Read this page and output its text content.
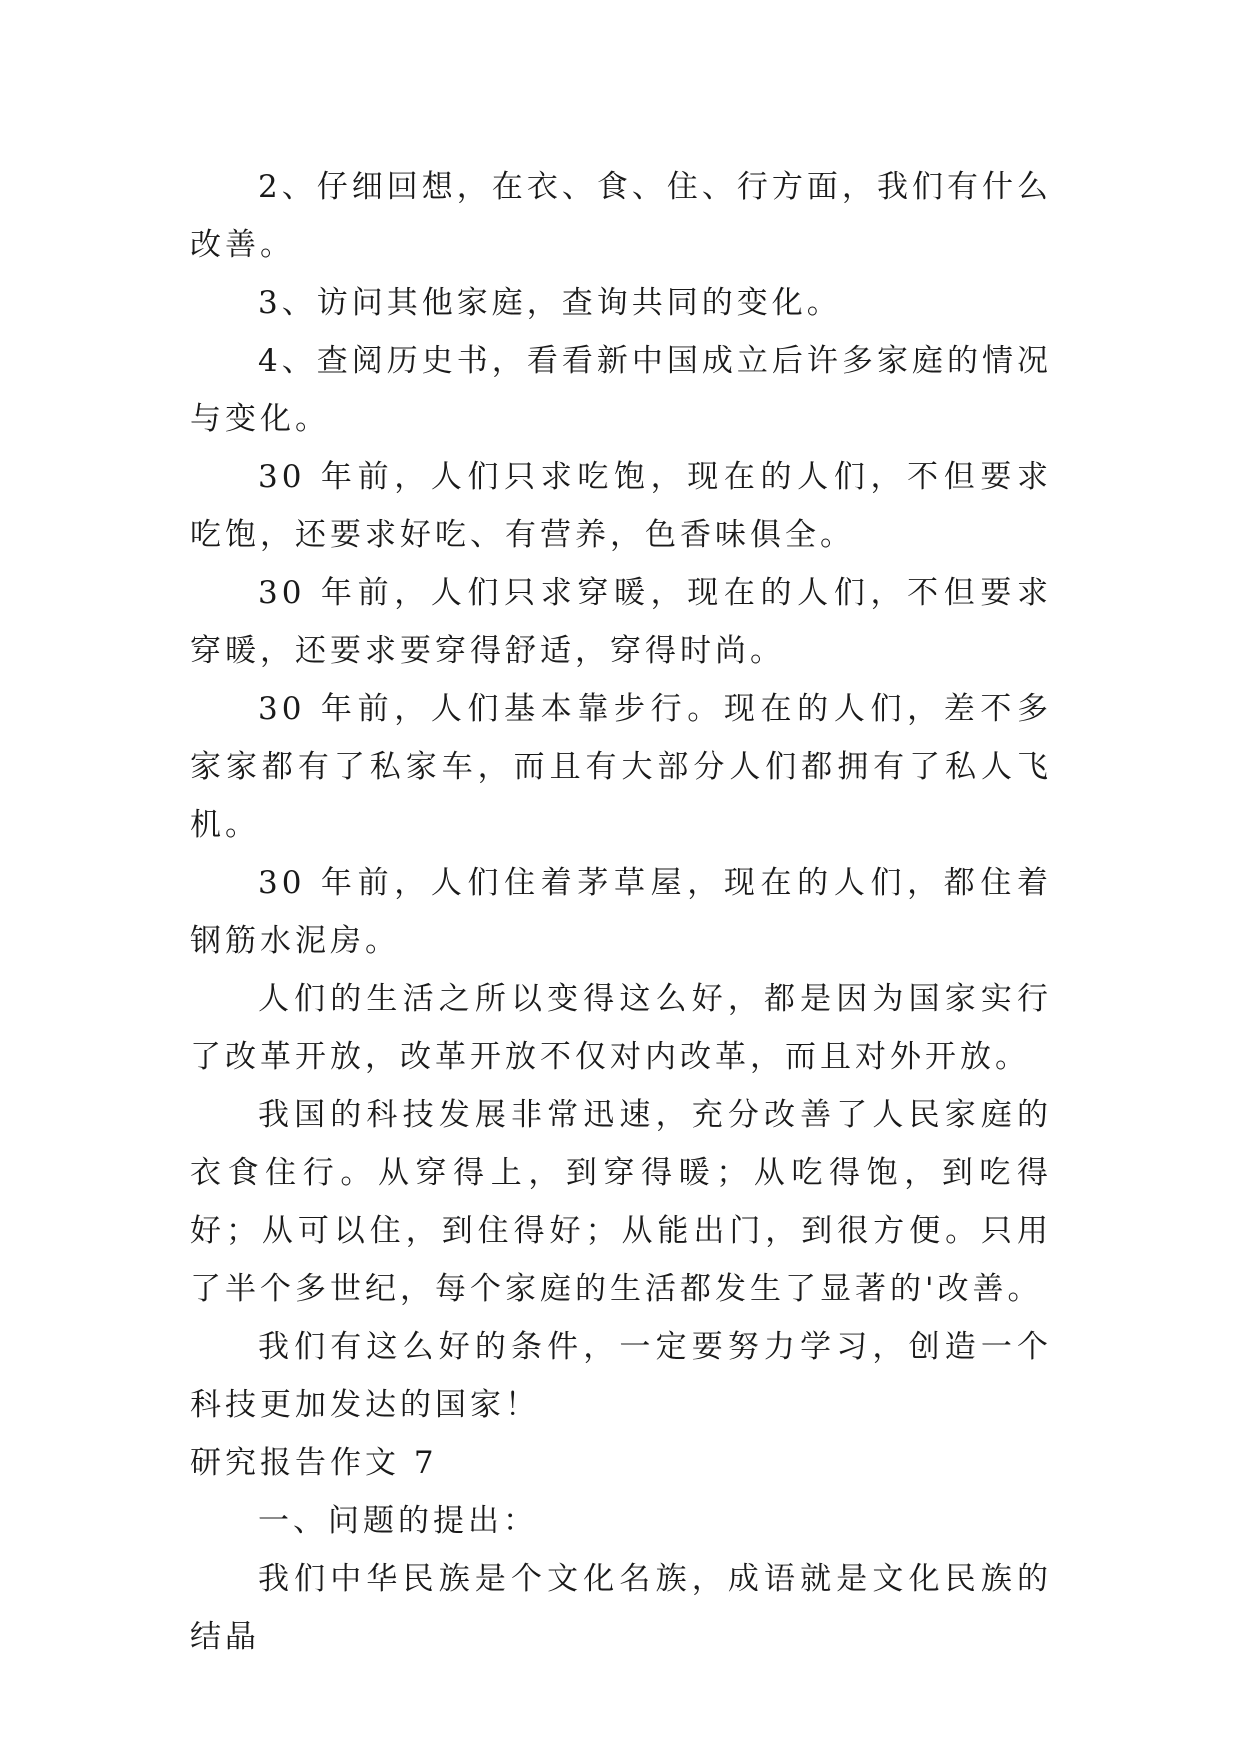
2、仔细回想，在衣、食、住、行方面，我们有什么改善。

3、访问其他家庭，查询共同的变化。

4、查阅历史书，看看新中国成立后许多家庭的情况与变化。

30 年前，人们只求吃饱，现在的人们，不但要求吃饱，还要求好吃、有营养，色香味俱全。

30 年前，人们只求穿暖，现在的人们，不但要求穿暖，还要求要穿得舒适，穿得时尚。

30 年前，人们基本靠步行。现在的人们，差不多家家都有了私家车，而且有大部分人们都拥有了私人飞机。

30 年前，人们住着茅草屋，现在的人们，都住着钢筋水泥房。

人们的生活之所以变得这么好，都是因为国家实行了改革开放，改革开放不仅对内改革，而且对外开放。

我国的科技发展非常迅速，充分改善了人民家庭的衣食住行。从穿得上，到穿得暖；从吃得饱，到吃得好；从可以住，到住得好；从能出门，到很方便。只用了半个多世纪，每个家庭的生活都发生了显著的'改善。

我们有这么好的条件，一定要努力学习，创造一个科技更加发达的国家！

研究报告作文 7

一、问题的提出：

我们中华民族是个文化名族，成语就是文化民族的结晶
